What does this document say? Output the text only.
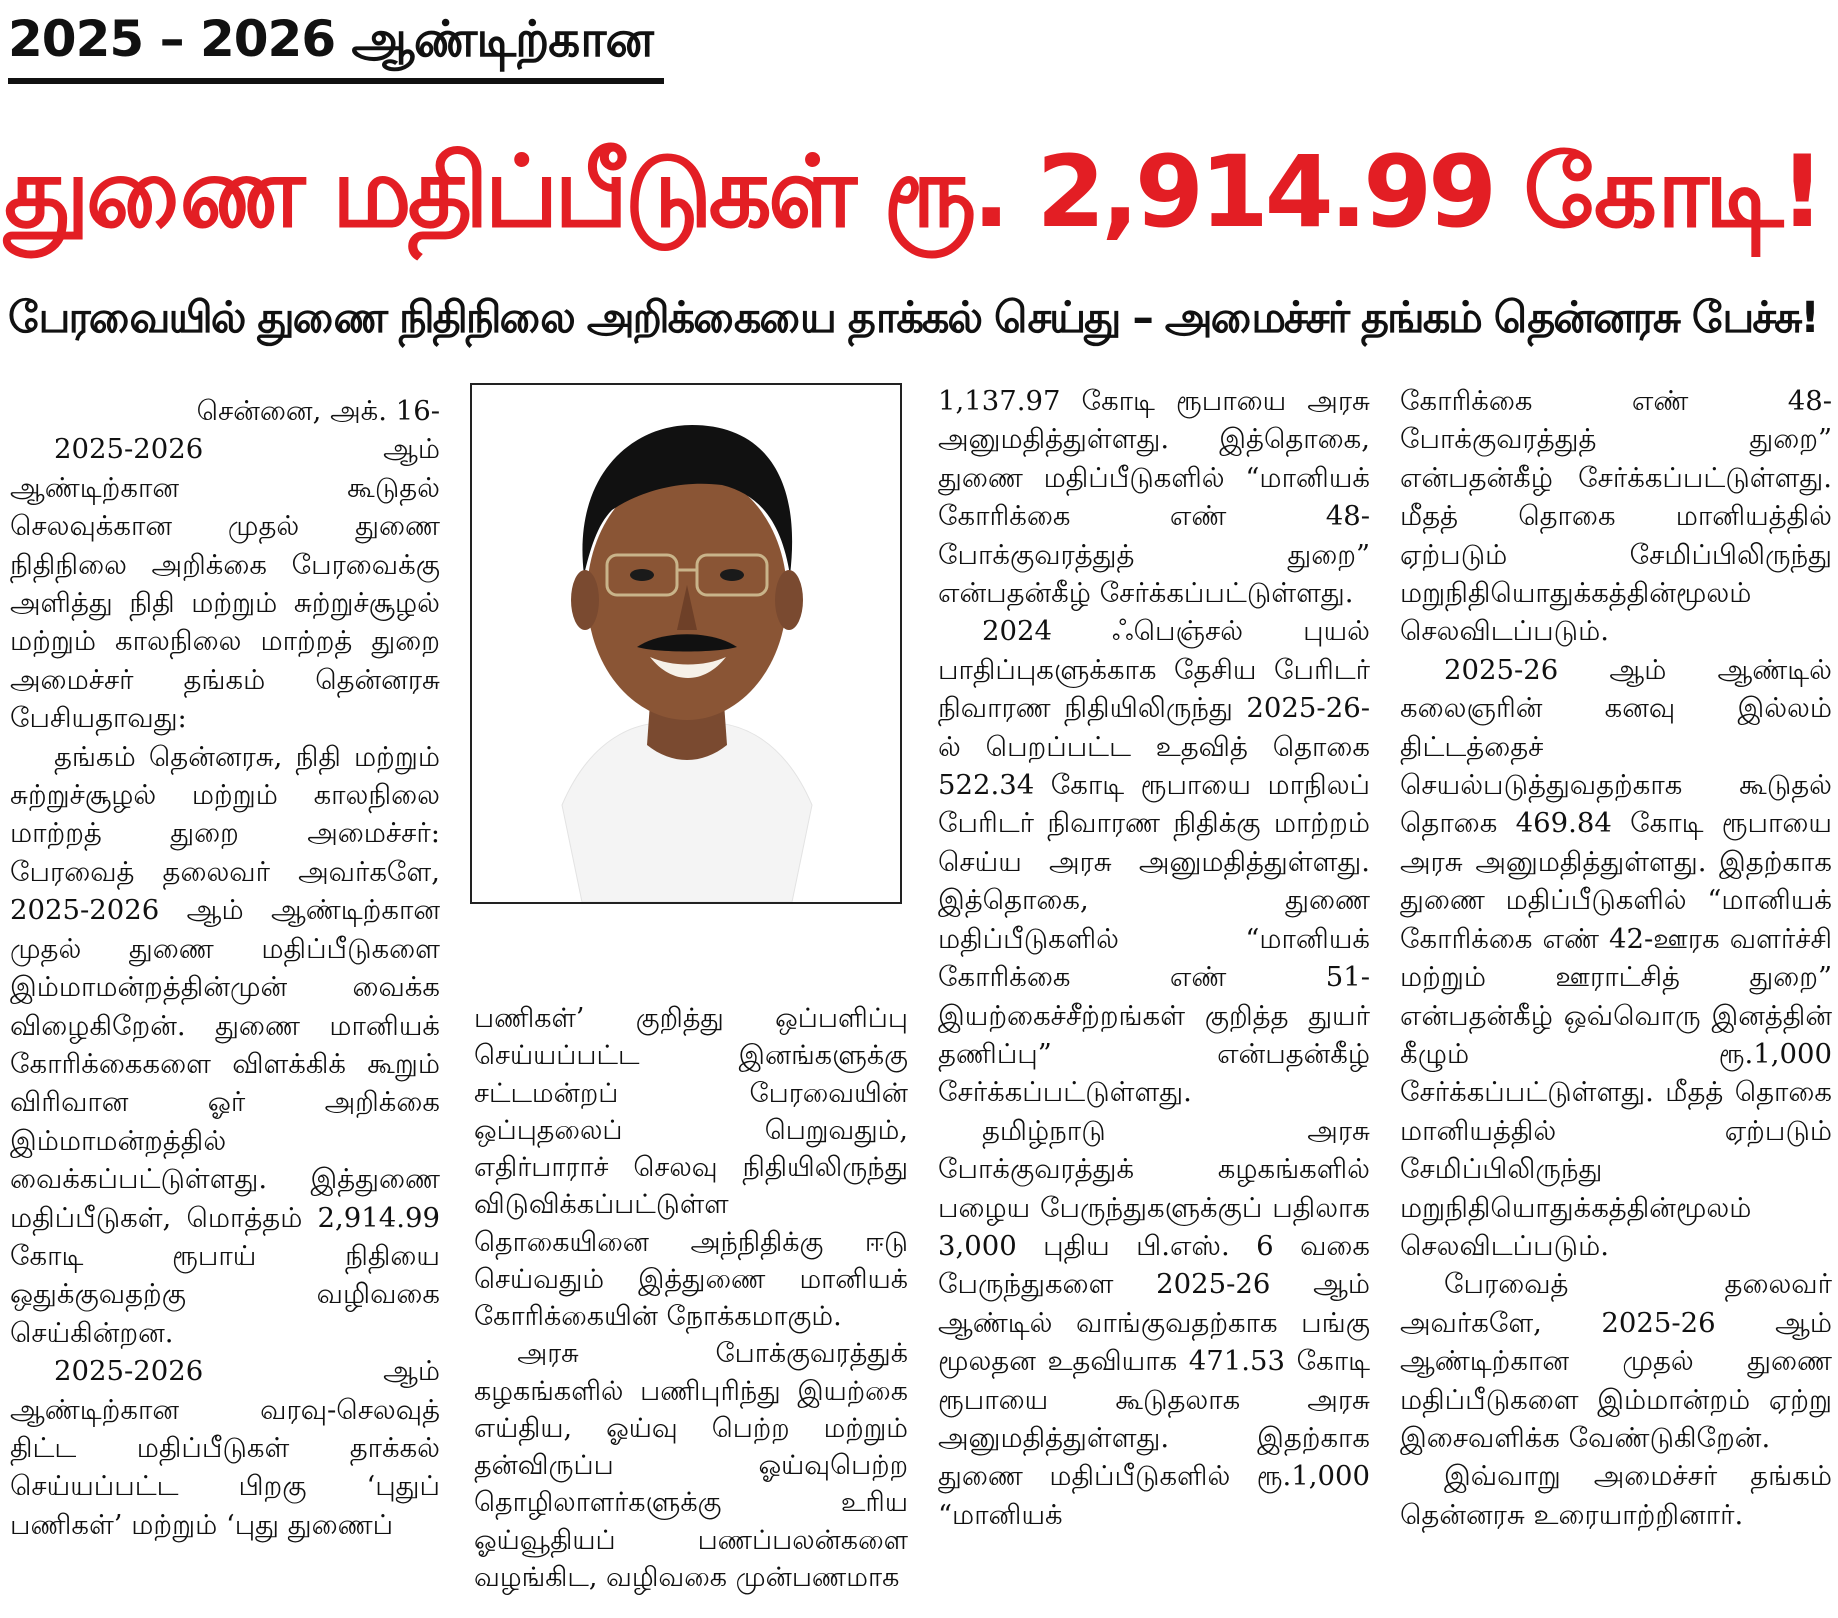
2025 – 2026 ஆண்டிற்கான
துணை மதிப்பீடுகள் ரூ. 2,914.99 கோடி!
பேரவையில் துணை நிதிநிலை அறிக்கையை தாக்கல் செய்து – அமைச்சர் தங்கம் தென்னரசு பேச்சு!

சென்னை, அக். 16-

2025-2026 ஆம் ஆண்டிற்கான கூடுதல் செலவுக்கான முதல் துணை நிதிநிலை அறிக்கை பேரவைக்கு அளித்து நிதி மற்றும் சுற்றுச்சூழல் மற்றும் காலநிலை மாற்றத் துறை அமைச்சர் தங்கம் தென்னரசு பேசியதாவது:

தங்கம் தென்னரசு, நிதி மற்றும் சுற்றுச்சூழல் மற்றும் காலநிலை மாற்றத் துறை அமைச்சர்: பேரவைத் தலைவர் அவர்களே, 2025-2026 ஆம் ஆண்டிற்கான முதல் துணை மதிப்பீடுகளை இம்மாமன்றத்தின்முன் வைக்க விழைகிறேன். துணை மானியக் கோரிக்கைகளை விளக்கிக் கூறும் விரிவான ஓர் அறிக்கை இம்மாமன்றத்தில் வைக்கப்பட்டுள்ளது. இத்துணை மதிப்பீடுகள், மொத்தம் 2,914.99 கோடி ரூபாய் நிதியை ஒதுக்குவதற்கு வழிவகை செய்கின்றன.

2025-2026 ஆம் ஆண்டிற்கான வரவு-செலவுத் திட்ட மதிப்பீடுகள் தாக்கல் செய்யப்பட்ட பிறகு ‘புதுப் பணிகள்’ மற்றும் ‘புது துணைப்

பணிகள்’ குறித்து ஒப்பளிப்பு செய்யப்பட்ட இனங்களுக்கு சட்டமன்றப் பேரவையின் ஒப்புதலைப் பெறுவதும், எதிர்பாராச் செலவு நிதியிலிருந்து விடுவிக்கப்பட்டுள்ள தொகையினை அந்நிதிக்கு ஈடு செய்வதும் இத்துணை மானியக் கோரிக்கையின் நோக்கமாகும்.

அரசு போக்குவரத்துக் கழகங்களில் பணிபுரிந்து இயற்கை எய்திய, ஓய்வு பெற்ற மற்றும் தன்விருப்ப ஓய்வுபெற்ற தொழிலாளர்களுக்கு உரிய ஓய்வூதியப் பணப்பலன்களை வழங்கிட, வழிவகை முன்பணமாக

1,137.97 கோடி ரூபாயை அரசு அனுமதித்துள்ளது. இத்தொகை, துணை மதிப்பீடுகளில் “மானியக் கோரிக்கை எண் 48-போக்குவரத்துத் துறை” என்பதன்கீழ் சேர்க்கப்பட்டுள்ளது.

2024 ஃபெஞ்சல் புயல் பாதிப்புகளுக்காக தேசிய பேரிடர் நிவாரண நிதியிலிருந்து 2025-26-ல் பெறப்பட்ட உதவித் தொகை 522.34 கோடி ரூபாயை மாநிலப் பேரிடர் நிவாரண நிதிக்கு மாற்றம் செய்ய அரசு அனுமதித்துள்ளது. இத்தொகை, துணை மதிப்பீடுகளில் “மானியக் கோரிக்கை எண் 51-இயற்கைச்சீற்றங்கள் குறித்த துயர் தணிப்பு” என்பதன்கீழ் சேர்க்கப்பட்டுள்ளது.

தமிழ்நாடு அரசு போக்குவரத்துக் கழகங்களில் பழைய பேருந்துகளுக்குப் பதிலாக 3,000 புதிய பி.எஸ். 6 வகை பேருந்துகளை 2025-26 ஆம் ஆண்டில் வாங்குவதற்காக பங்கு மூலதன உதவியாக 471.53 கோடி ரூபாயை கூடுதலாக அரசு அனுமதித்துள்ளது. இதற்காக துணை மதிப்பீடுகளில் ரூ.1,000 “மானியக்

கோரிக்கை எண் 48-போக்குவரத்துத் துறை” என்பதன்கீழ் சேர்க்கப்பட்டுள்ளது. மீதத் தொகை மானியத்தில் ஏற்படும் சேமிப்பிலிருந்து மறுநிதியொதுக்கத்தின்மூலம் செலவிடப்படும்.

2025-26 ஆம் ஆண்டில் கலைஞரின் கனவு இல்லம் திட்டத்தைச் செயல்படுத்துவதற்காக கூடுதல் தொகை 469.84 கோடி ரூபாயை அரசு அனுமதித்துள்ளது. இதற்காக துணை மதிப்பீடுகளில் “மானியக் கோரிக்கை எண் 42-ஊரக வளர்ச்சி மற்றும் ஊராட்சித் துறை” என்பதன்கீழ் ஒவ்வொரு இனத்தின் கீழும் ரூ.1,000 சேர்க்கப்பட்டுள்ளது. மீதத் தொகை மானியத்தில் ஏற்படும் சேமிப்பிலிருந்து மறுநிதியொதுக்கத்தின்மூலம் செலவிடப்படும்.

பேரவைத் தலைவர் அவர்களே, 2025-26 ஆம் ஆண்டிற்கான முதல் துணை மதிப்பீடுகளை இம்மான்றம் ஏற்று இசைவளிக்க வேண்டுகிறேன்.

இவ்வாறு அமைச்சர் தங்கம் தென்னரசு உரையாற்றினார்.
